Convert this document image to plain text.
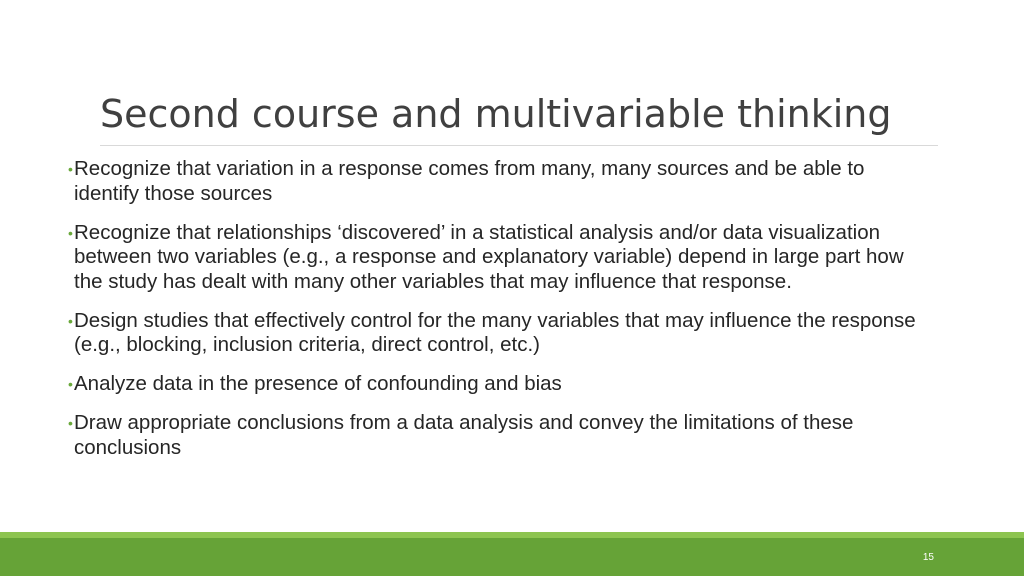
Second course and multivariable thinking
• Recognize that variation in a response comes from many, many sources and be able to identify those sources
• Recognize that relationships ‘discovered’ in a statistical analysis and/or data visualization between two variables (e.g., a response and explanatory variable) depend in large part how the study has dealt with many other variables that may influence that response.
• Design studies that effectively control for the many variables that may influence the response (e.g., blocking, inclusion criteria, direct control, etc.)
• Analyze data in the presence of confounding and bias
• Draw appropriate conclusions from a data analysis and convey the limitations of these conclusions
15
